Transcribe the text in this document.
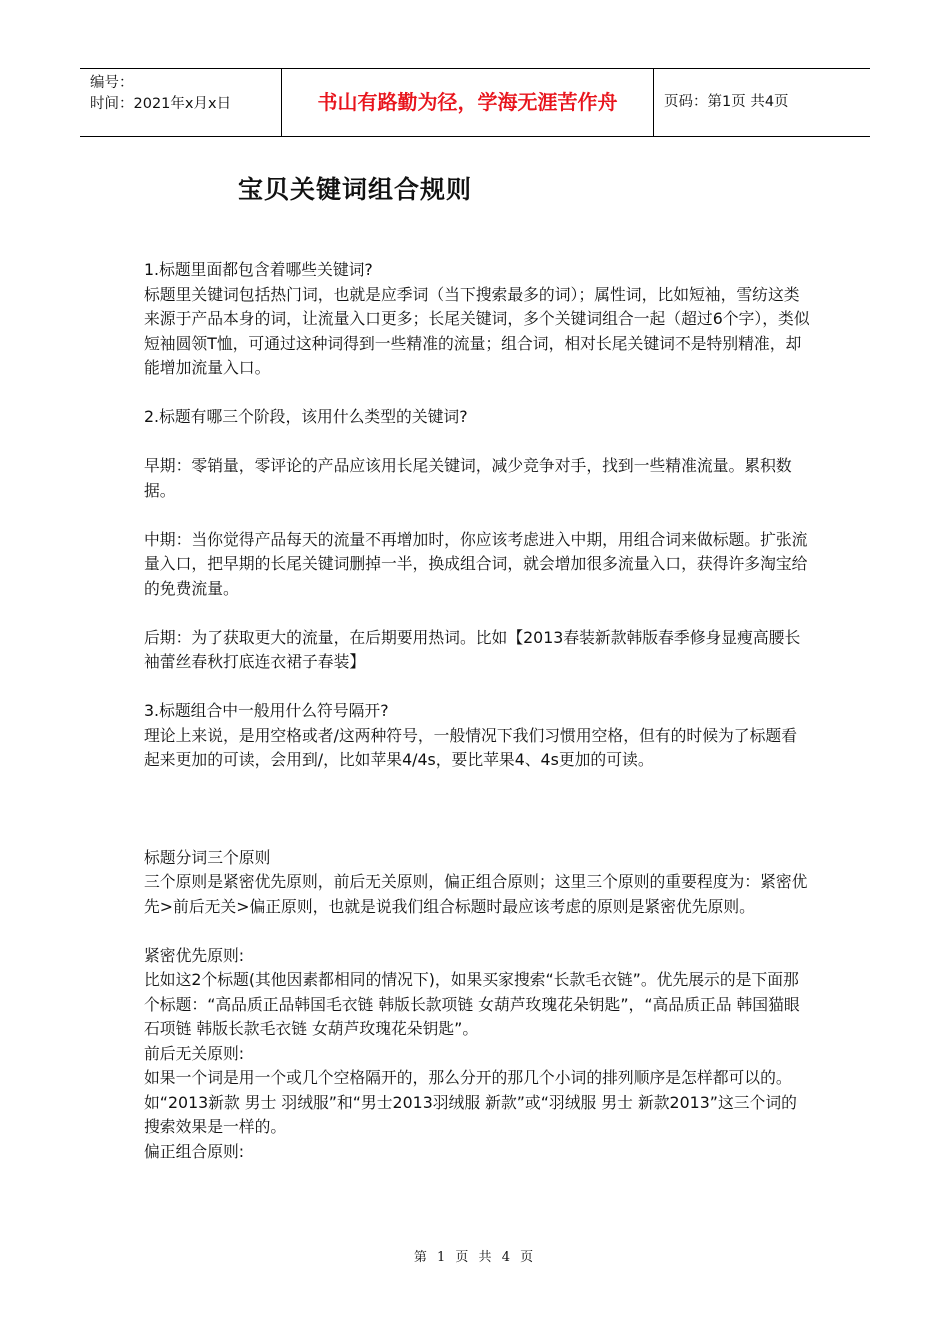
编号：
时间：2021年x月x日	书山有路勤为径，学海无涯苦作舟	页码：第1页 共4页
宝贝关键词组合规则

1.标题里面都包含着哪些关键词?

标题里关键词包括热门词，也就是应季词（当下搜索最多的词）；属性词，比如短袖，雪纺这类来源于产品本身的词，让流量入口更多；长尾关键词，多个关键词组合一起（超过6个字），类似短袖圆领T恤，可通过这种词得到一些精准的流量；组合词，相对长尾关键词不是特别精准，却能增加流量入口。

2.标题有哪三个阶段，该用什么类型的关键词?

早期：零销量，零评论的产品应该用长尾关键词，减少竞争对手，找到一些精准流量。累积数据。

中期：当你觉得产品每天的流量不再增加时，你应该考虑进入中期，用组合词来做标题。扩张流量入口，把早期的长尾关键词删掉一半，换成组合词，就会增加很多流量入口，获得许多淘宝给的免费流量。

后期：为了获取更大的流量，在后期要用热词。比如【2013春装新款韩版春季修身显瘦高腰长袖蕾丝春秋打底连衣裙子春装】

3.标题组合中一般用什么符号隔开?

理论上来说，是用空格或者/这两种符号，一般情况下我们习惯用空格，但有的时候为了标题看起来更加的可读，会用到/，比如苹果4/4s，要比苹果4、4s更加的可读。

标题分词三个原则

三个原则是紧密优先原则，前后无关原则，偏正组合原则；这里三个原则的重要程度为：紧密优先>前后无关>偏正原则，也就是说我们组合标题时最应该考虑的原则是紧密优先原则。

紧密优先原则:

比如这2个标题(其他因素都相同的情况下)，如果买家搜索“长款毛衣链”。优先展示的是下面那个标题：“高品质正品韩国毛衣链 韩版长款项链 女葫芦玫瑰花朵钥匙”，“高品质正品 韩国猫眼石项链 韩版长款毛衣链 女葫芦玫瑰花朵钥匙”。

前后无关原则:

如果一个词是用一个或几个空格隔开的，那么分开的那几个小词的排列顺序是怎样都可以的。如“2013新款 男士 羽绒服”和“男士2013羽绒服 新款”或“羽绒服 男士 新款2013”这三个词的搜索效果是一样的。

偏正组合原则:

第 1 页 共 4 页
